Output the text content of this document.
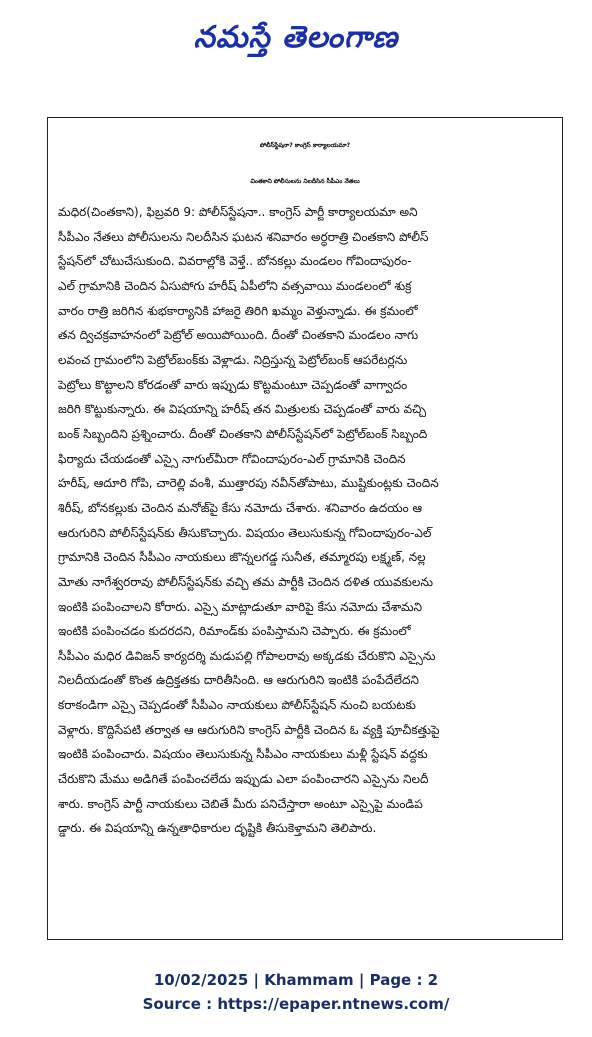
నమస్తే తెలంగాణ
పోలీస్‌స్టేషనా? కాంగ్రెస్ కార్యాలయమా?
చింతకాని పోలీసులను నిలదీసిన సీపీఎం నేతలు
మధిర(చింతకాని), ఫిబ్రవరి 9: పోలీస్‌స్టేషనా.. కాంగ్రెస్ పార్టీ కార్యాలయమా అని
సీపీఎం నేతలు పోలీసులను నిలదీసిన ఘటన శనివారం అర్ధరాత్రి చింతకాని పోలీస్
స్టేషన్‌లో చోటుచేసుకుంది. వివరాల్లోకి వెళ్తే.. బోనకల్లు మండలం గోవిందాపురం-
ఎల్ గ్రామానికి చెందిన ఏసుపోగు హరీష్ ఏపీలోని వత్సవాయి మండలంలో శుక్ర
వారం రాత్రి జరిగిన శుభకార్యానికి హాజరై తిరిగి ఖమ్మం వెళ్తున్నాడు. ఈ క్రమంలో
తన ద్విచక్రవాహనంలో పెట్రోల్ అయిపోయింది. దీంతో చింతకాని మండలం నాగు
లవంచ గ్రామంలోని పెట్రోల్‌బంక్‌కు వెళ్లాడు. నిద్రిస్తున్న పెట్రోల్‌బంక్ ఆపరేటర్లను
పెట్రోలు కొట్టాలని కోరడంతో వారు ఇప్పుడు కొట్టమంటూ చెప్పడంతో వాగ్వాదం
జరిగి కొట్టుకున్నారు. ఈ విషయాన్ని హరీష్ తన మిత్రులకు చెప్పడంతో వారు వచ్చి
బంక్ సిబ్బందిని ప్రశ్నించారు. దీంతో చింతకాని పోలీస్‌స్టేషన్‌లో పెట్రోల్‌బంక్ సిబ్బంది
ఫిర్యాదు చేయడంతో ఎస్సై నాగుల్‌మీరా గోవిందాపురం-ఎల్ గ్రామానికి చెందిన
హరీష్, ఆదూరి గోపి, చారెల్లి వంశీ, ముత్తారపు నవీన్‌తోపాటు, ముష్టికుంట్లకు చెందిన
శిరీష్, బోనకల్లుకు చెందిన మనోజ్‌పై కేసు నమోదు చేశారు. శనివారం ఉదయం ఆ
ఆరుగురిని పోలీస్‌స్టేషన్‌కు తీసుకొచ్చారు. విషయం తెలుసుకున్న గోవిందాపురం-ఎల్
గ్రామానికి చెందిన సీపీఎం నాయకులు జొన్నలగడ్డ సునీత, తమ్మారపు లక్ష్మణ్, నల్ల
మోతు నాగేశ్వరరావు పోలీస్‌స్టేషన్‌కు వచ్చి తమ పార్టీకి చెందిన దళిత యువకులను
ఇంటికి పంపించాలని కోరారు. ఎస్సై మాట్లాడుతూ వారిపై కేసు నమోదు చేశామని
ఇంటికి పంపించడం కుదరదని, రిమాండ్‌కు పంపిస్తామని చెప్పారు. ఈ క్రమంలో
సీపీఎం మధిర డివిజన్ కార్యదర్శి మడుపల్లి గోపాలరావు అక్కడకు చేరుకొని ఎస్సైను
నిలదీయడంతో కొంత ఉద్రిక్తతకు దారితీసింది. ఆ ఆరుగురిని ఇంటికి పంపేదేలేదని
కరాకండిగా ఎస్సై చెప్పడంతో సీపీఎం నాయకులు పోలీస్‌స్టేషన్ నుంచి బయటకు
వెళ్లారు. కొద్దిసేపటి తర్వాత ఆ ఆరుగురిని కాంగ్రెస్ పార్టీకి చెందిన ఓ వ్యక్తి పూచీకత్తుపై
ఇంటికి పంపించారు. విషయం తెలుసుకున్న సీపీఎం నాయకులు మళ్లీ స్టేషన్ వద్దకు
చేరుకొని మేము అడిగితే పంపించలేదు ఇప్పుడు ఎలా పంపించారని ఎస్సైను నిలదీ
శారు. కాంగ్రెస్ పార్టీ నాయకులు చెబితే మీరు పనిచేస్తారా అంటూ ఎస్సైపై మండిప
డ్డారు. ఈ విషయాన్ని ఉన్నతాధికారుల దృష్టికి తీసుకెళ్తామని తెలిపారు.
10/02/2025 | Khammam | Page : 2
Source : https://epaper.ntnews.com/
